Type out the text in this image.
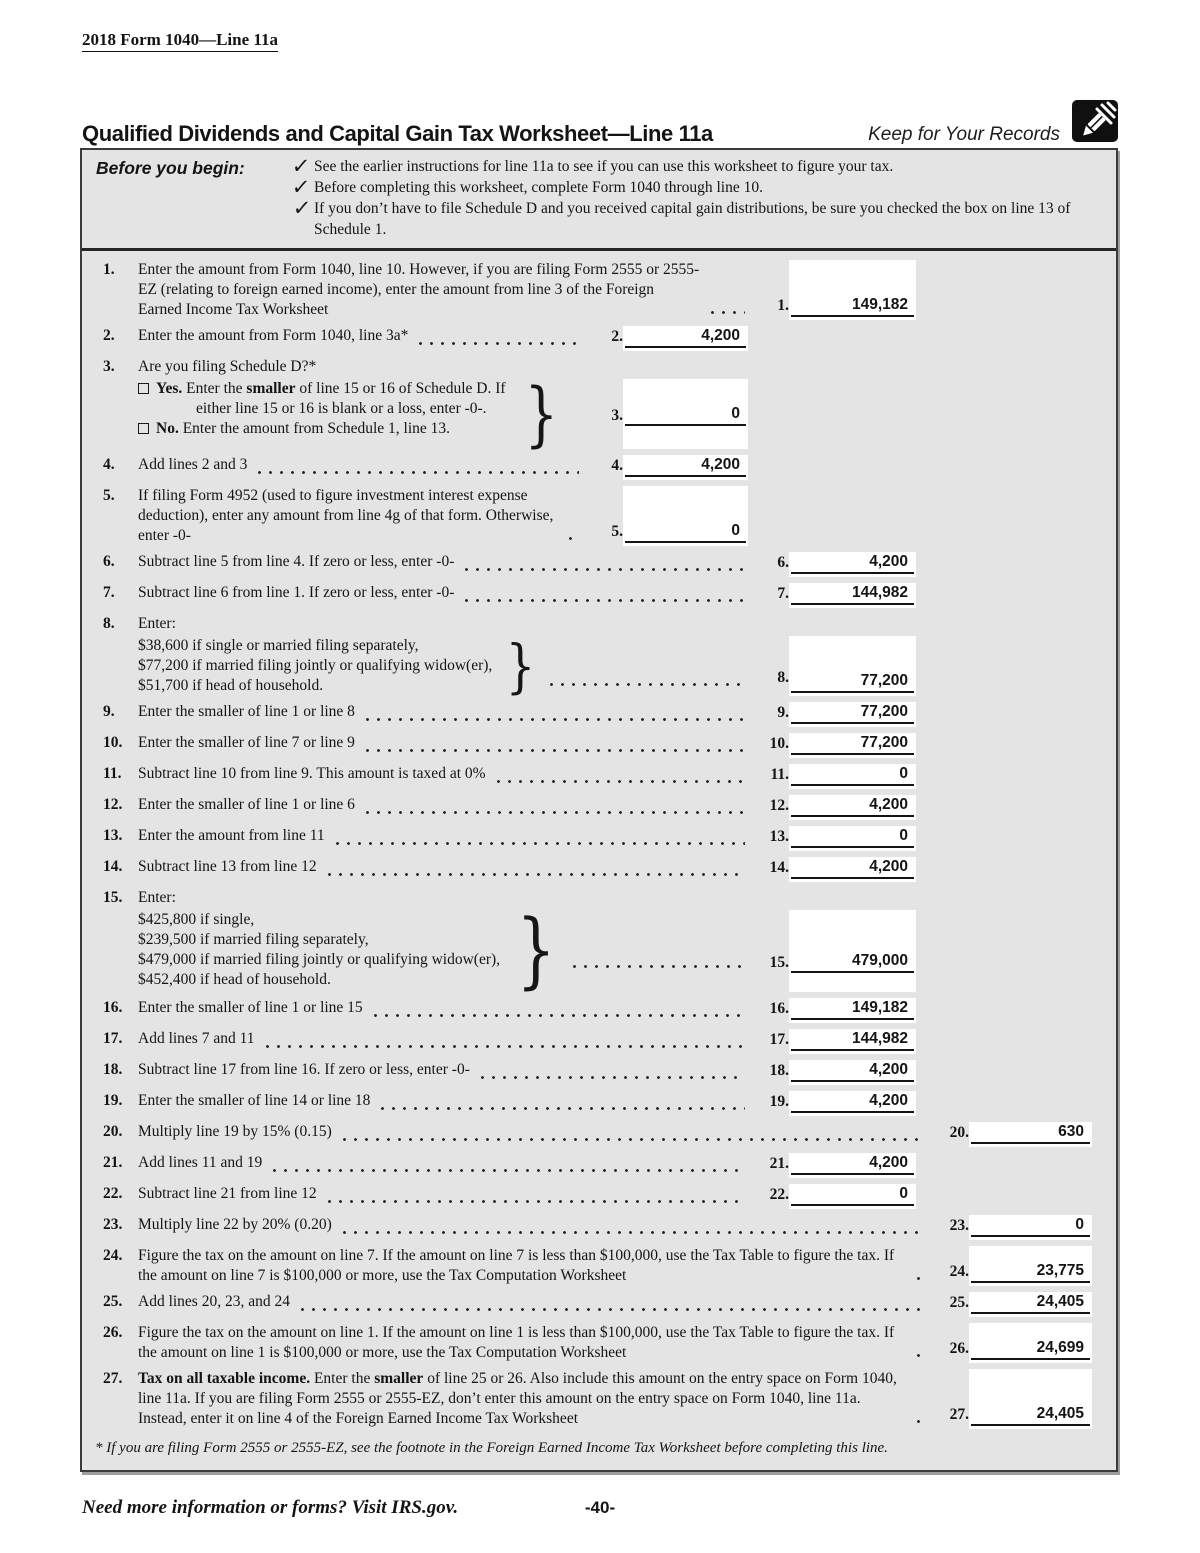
2018 Form 1040—Line 11a
Qualified Dividends and Capital Gain Tax Worksheet—Line 11a	Keep for Your Records
Before you begin:	✓ See the earlier instructions for line 11a to see if you can use this worksheet to figure your tax.
✓ Before completing this worksheet, complete Form 1040 through line 10.
✓ If you don’t have to file Schedule D and you received capital gain distributions, be sure you checked the box on line 13 of Schedule 1.
1.	Enter the amount from Form 1040, line 10. However, if you are filing Form 2555 or 2555-EZ (relating to foreign earned income), enter the amount from line 3 of the Foreign Earned Income Tax Worksheet	1.	149,182
2.	Enter the amount from Form 1040, line 3a*	2.	4,200
3.	Are you filing Schedule D?*
Yes. Enter the smaller of line 15 or 16 of Schedule D. If either line 15 or 16 is blank or a loss, enter -0-.
No. Enter the amount from Schedule 1, line 13.	}	3.	0
4.	Add lines 2 and 3	4.	4,200
5.	If filing Form 4952 (used to figure investment interest expense deduction), enter any amount from line 4g of that form. Otherwise, enter -0-	5.	0
6.	Subtract line 5 from line 4. If zero or less, enter -0-	6.	4,200
7.	Subtract line 6 from line 1. If zero or less, enter -0-	7.	144,982
8.	Enter:
$38,600 if single or married filing separately,
$77,200 if married filing jointly or qualifying widow(er),
$51,700 if head of household.	}	8.	77,200
9.	Enter the smaller of line 1 or line 8	9.	77,200
10.	Enter the smaller of line 7 or line 9	10.	77,200
11.	Subtract line 10 from line 9. This amount is taxed at 0%	11.	0
12.	Enter the smaller of line 1 or line 6	12.	4,200
13.	Enter the amount from line 11	13.	0
14.	Subtract line 13 from line 12	14.	4,200
15.	Enter:
$425,800 if single,
$239,500 if married filing separately,
$479,000 if married filing jointly or qualifying widow(er),
$452,400 if head of household.	}	15.	479,000
16.	Enter the smaller of line 1 or line 15	16.	149,182
17.	Add lines 7 and 11	17.	144,982
18.	Subtract line 17 from line 16. If zero or less, enter -0-	18.	4,200
19.	Enter the smaller of line 14 or line 18	19.	4,200
20.	Multiply line 19 by 15% (0.15)	20.	630
21.	Add lines 11 and 19	21.	4,200
22.	Subtract line 21 from line 12	22.	0
23.	Multiply line 22 by 20% (0.20)	23.	0
24.	Figure the tax on the amount on line 7. If the amount on line 7 is less than $100,000, use the Tax Table to figure the tax. If the amount on line 7 is $100,000 or more, use the Tax Computation Worksheet	24.	23,775
25.	Add lines 20, 23, and 24	25.	24,405
26.	Figure the tax on the amount on line 1. If the amount on line 1 is less than $100,000, use the Tax Table to figure the tax. If the amount on line 1 is $100,000 or more, use the Tax Computation Worksheet	26.	24,699
27.	Tax on all taxable income. Enter the smaller of line 25 or 26. Also include this amount on the entry space on Form 1040, line 11a. If you are filing Form 2555 or 2555-EZ, don’t enter this amount on the entry space on Form 1040, line 11a. Instead, enter it on line 4 of the Foreign Earned Income Tax Worksheet	27.	24,405
* If you are filing Form 2555 or 2555-EZ, see the footnote in the Foreign Earned Income Tax Worksheet before completing this line.
Need more information or forms? Visit IRS.gov.	-40-
